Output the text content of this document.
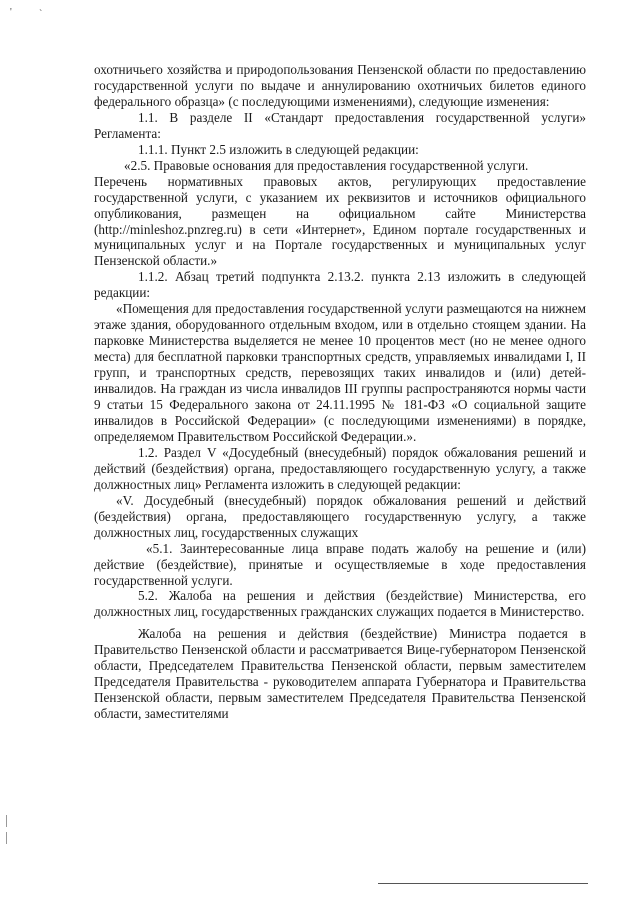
'	`

охотничьего хозяйства и природопользования Пензенской области по предоставлению государственной услуги по выдаче и аннулированию охотничьих билетов единого федерального образца» (с последующими изменениями), следующие изменения:

1.1. В разделе II «Стандарт предоставления государственной услуги» Регламента:

1.1.1. Пункт 2.5 изложить в следующей редакции:

«2.5. Правовые основания для предоставления государственной услуги.

Перечень нормативных правовых актов, регулирующих предоставление государственной услуги, с указанием их реквизитов и источников официального опубликования, размещен на официальном сайте Министерства (http://minleshoz.pnzreg.ru) в сети «Интернет», Едином портале государственных и муниципальных услуг и на Портале государственных и муниципальных услуг Пензенской области.»

1.1.2. Абзац третий подпункта 2.13.2. пункта 2.13 изложить в следующей редакции:

«Помещения для предоставления государственной услуги размещаются на нижнем этаже здания, оборудованного отдельным входом, или в отдельно стоящем здании. На парковке Министерства выделяется не менее 10 процентов мест (но не менее одного места) для бесплатной парковки транспортных средств, управляемых инвалидами I, II групп, и транспортных средств, перевозящих таких инвалидов и (или) детей-инвалидов. На граждан из числа инвалидов III группы распространяются нормы части 9 статьи 15 Федерального закона от 24.11.1995 № 181-ФЗ «О социальной защите инвалидов в Российской Федерации» (с последующими изменениями) в порядке, определяемом Правительством Российской Федерации.».

1.2. Раздел V «Досудебный (внесудебный) порядок обжалования решений и действий (бездействия) органа, предоставляющего государственную услугу, а также должностных лиц» Регламента изложить в следующей редакции:

«V. Досудебный (внесудебный) порядок обжалования решений и действий (бездействия) органа, предоставляющего государственную услугу, а также должностных лиц, государственных служащих

«5.1. Заинтересованные лица вправе подать жалобу на решение и (или) действие (бездействие), принятые и осуществляемые в ходе предоставления государственной услуги.

5.2. Жалоба на решения и действия (бездействие) Министерства, его должностных лиц, государственных гражданских служащих подается в Министерство.

Жалоба на решения и действия (бездействие) Министра подается в Правительство Пензенской области и рассматривается Вице-губернатором Пензенской области, Председателем Правительства Пензенской области, первым заместителем Председателя Правительства - руководителем аппарата Губернатора и Правительства Пензенской области, первым заместителем Председателя Правительства Пензенской области, заместителями
